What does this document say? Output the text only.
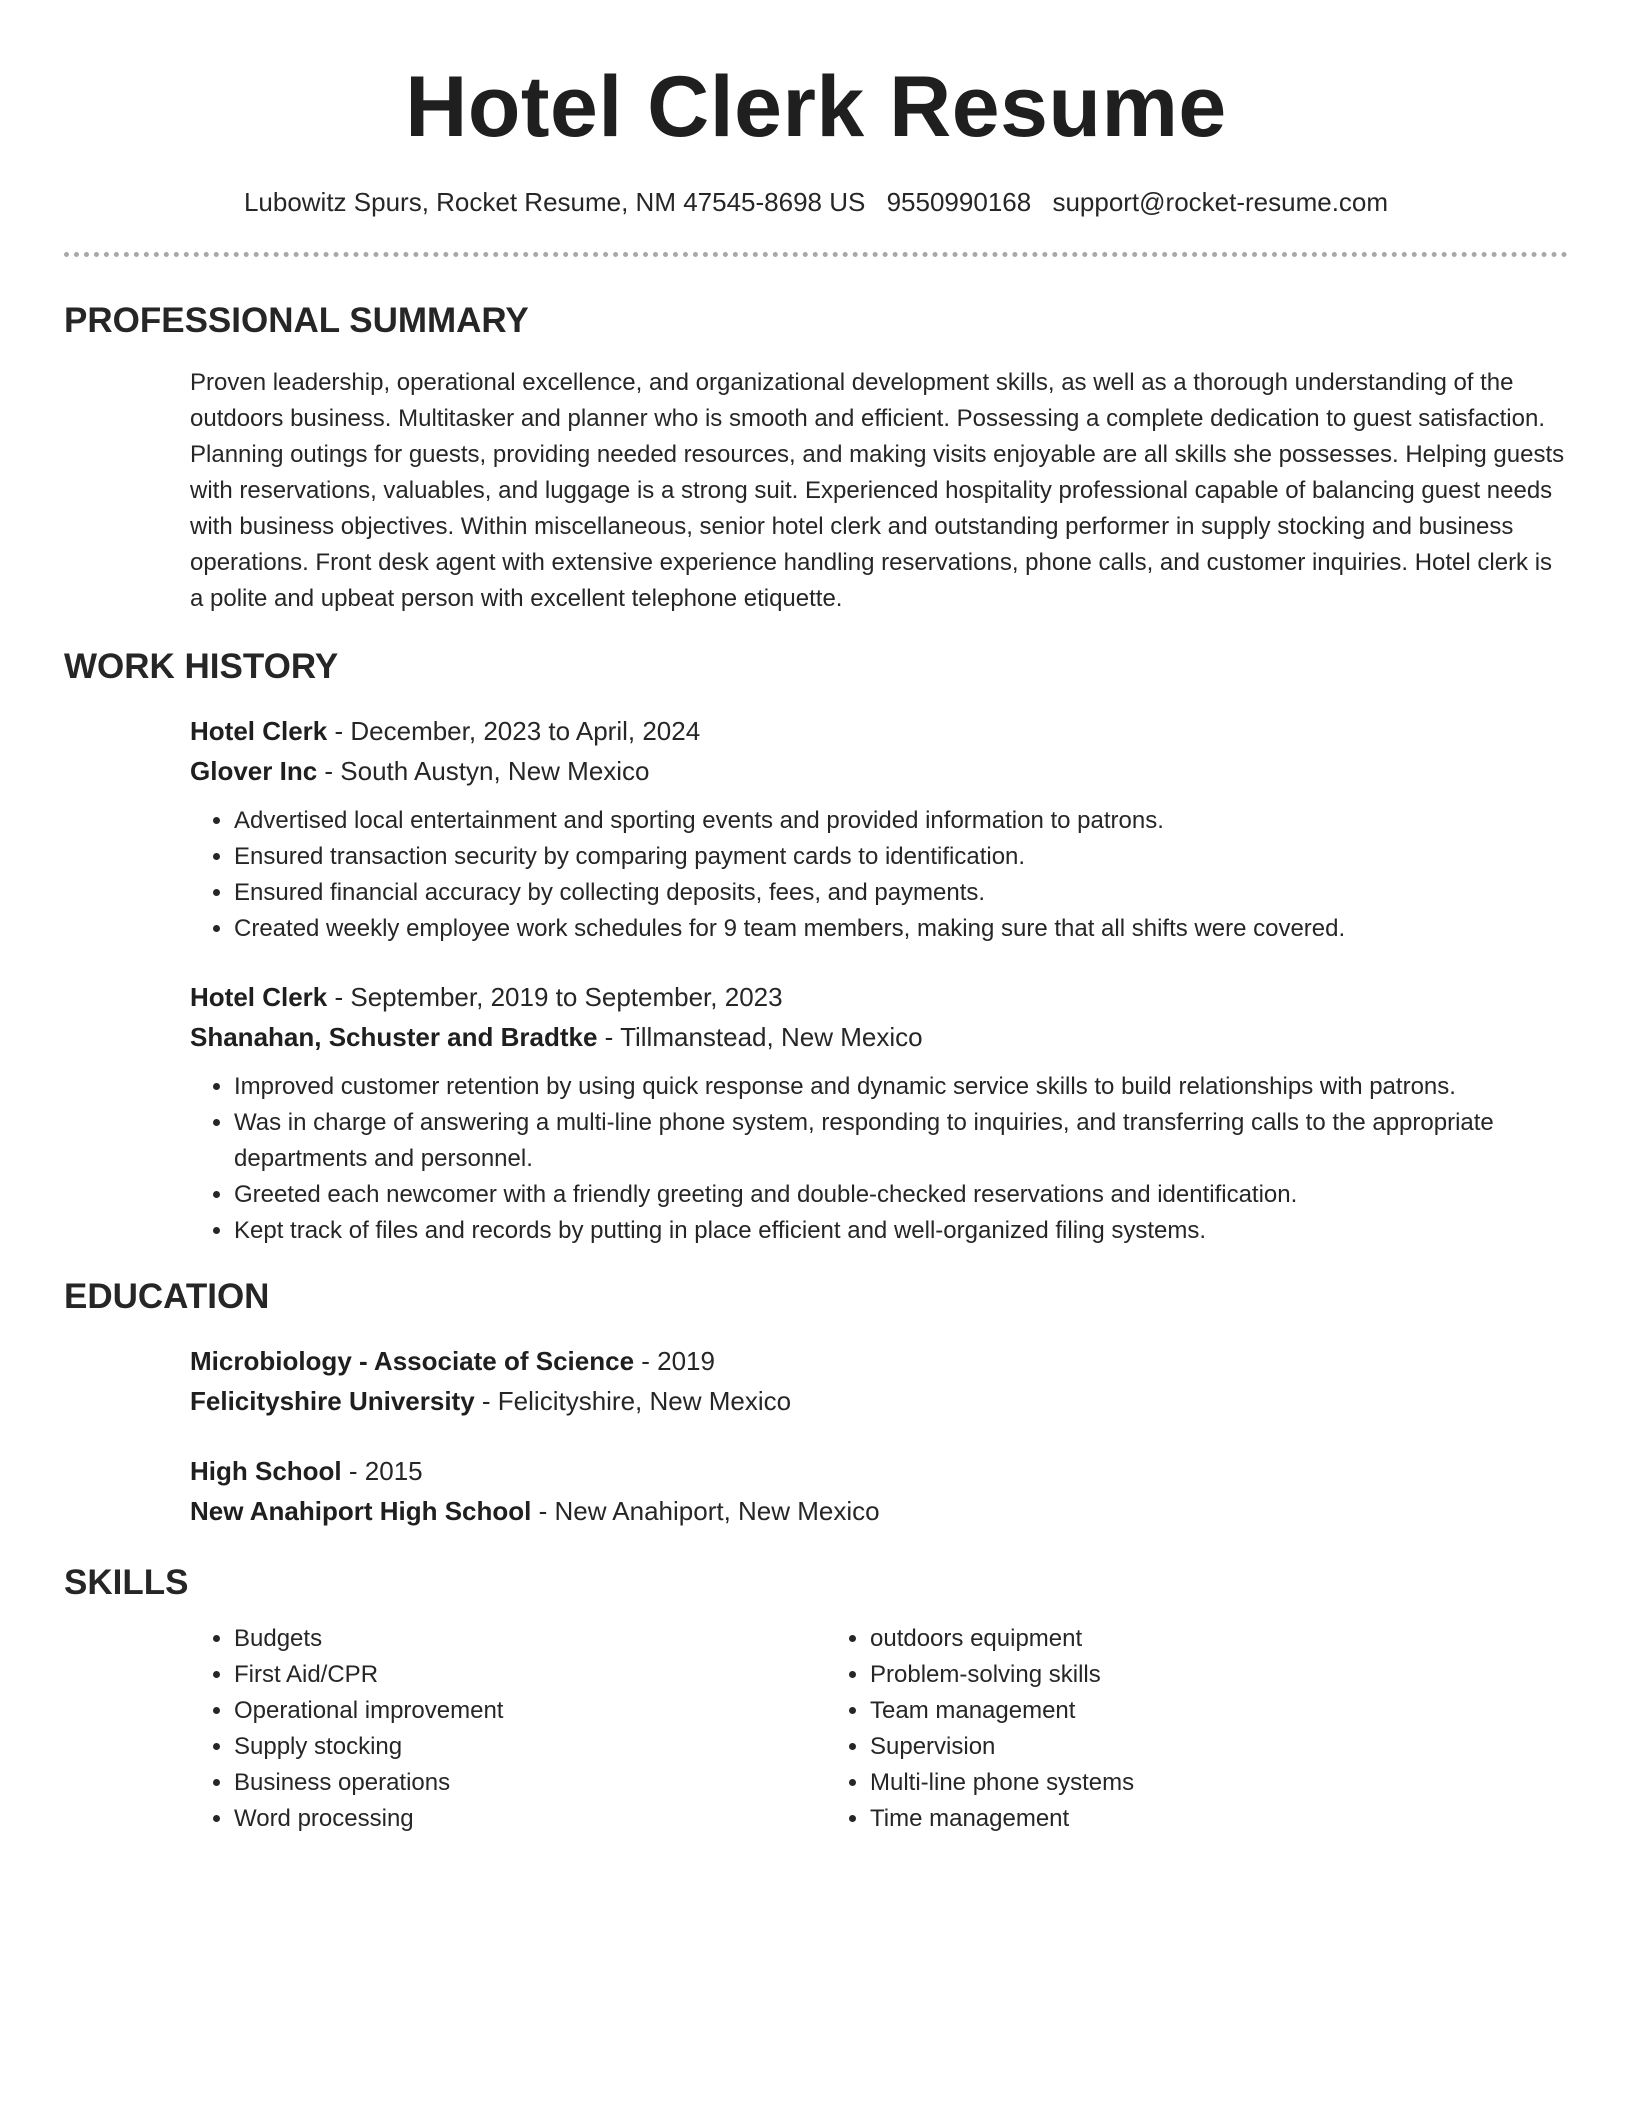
Hotel Clerk Resume
Lubowitz Spurs, Rocket Resume, NM 47545-8698 US 9550990168 support@rocket-resume.com
PROFESSIONAL SUMMARY

Proven leadership, operational excellence, and organizational development skills, as well as a thorough understanding of the outdoors business. Multitasker and planner who is smooth and efficient. Possessing a complete dedication to guest satisfaction. Planning outings for guests, providing needed resources, and making visits enjoyable are all skills she possesses. Helping guests with reservations, valuables, and luggage is a strong suit. Experienced hospitality professional capable of balancing guest needs with business objectives. Within miscellaneous, senior hotel clerk and outstanding performer in supply stocking and business operations. Front desk agent with extensive experience handling reservations, phone calls, and customer inquiries. Hotel clerk is a polite and upbeat person with excellent telephone etiquette.

WORK HISTORY
Hotel Clerk - December, 2023 to April, 2024
Glover Inc - South Austyn, New Mexico
• Advertised local entertainment and sporting events and provided information to patrons.
• Ensured transaction security by comparing payment cards to identification.
• Ensured financial accuracy by collecting deposits, fees, and payments.
• Created weekly employee work schedules for 9 team members, making sure that all shifts were covered.
Hotel Clerk - September, 2019 to September, 2023
Shanahan, Schuster and Bradtke - Tillmanstead, New Mexico
• Improved customer retention by using quick response and dynamic service skills to build relationships with patrons.
• Was in charge of answering a multi-line phone system, responding to inquiries, and transferring calls to the appropriate departments and personnel.
• Greeted each newcomer with a friendly greeting and double-checked reservations and identification.
• Kept track of files and records by putting in place efficient and well-organized filing systems.
EDUCATION
Microbiology - Associate of Science - 2019
Felicityshire University - Felicityshire, New Mexico
High School - 2015
New Anahiport High School - New Anahiport, New Mexico
SKILLS
• Budgets
• First Aid/CPR
• Operational improvement
• Supply stocking
• Business operations
• Word processing
• outdoors equipment
• Problem-solving skills
• Team management
• Supervision
• Multi-line phone systems
• Time management
